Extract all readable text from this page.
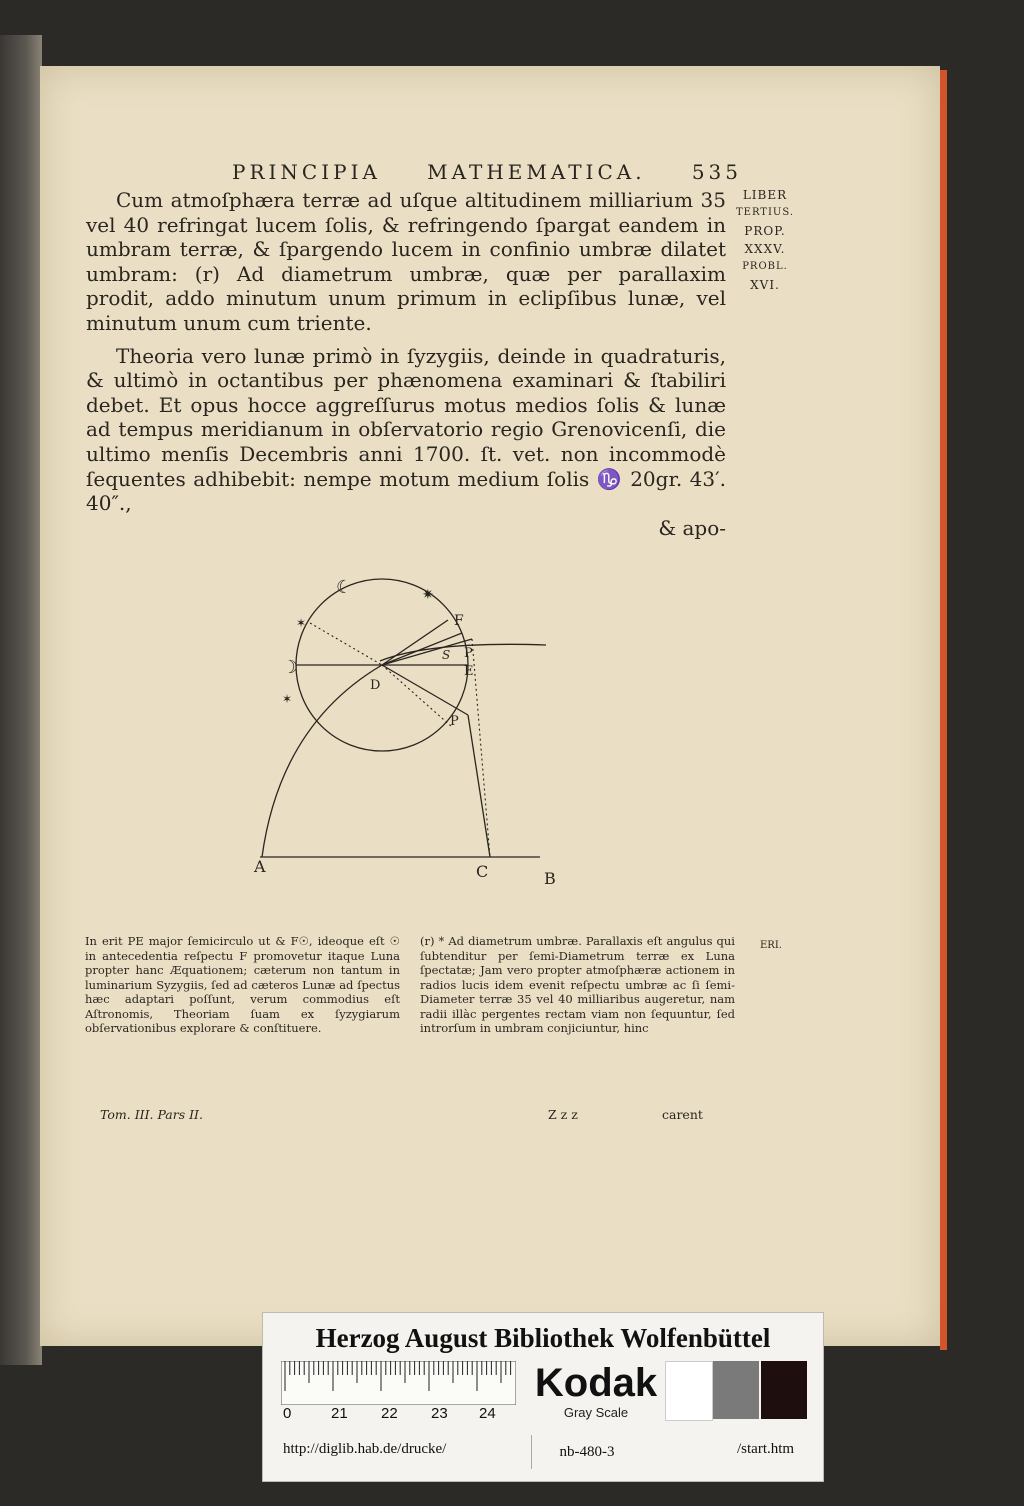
PRINCIPIA MATHEMATICA. 535
LIBER
TERTIUS.
PROP.
XXXV.
PROBL.
XVI.

Cum atmoſphæra terræ ad uſque altitudinem milliarium 35 vel 40 refringat lucem ſolis, & refringendo ſpargat eandem in umbram terræ, & ſpargendo lucem in confinio umbræ dilatet umbram: (r) Ad diametrum umbræ, quæ per parallaxim prodit, addo minutum unum primum in eclipſibus lunæ, vel minutum unum cum triente.

Theoria vero lunæ primò in ſyzygiis, deinde in quadraturis, & ultimò in octantibus per phænomena examinari & ſtabiliri debet. Et opus hocce aggreſſurus motus medios ſolis & lunæ ad tempus meridianum in obſervatorio regio Grenovicenſi, die ultimo menſis Decembris anni 1700. ſt. vet. non incommodè ſequentes adhibebit: nempe motum medium ſolis ♑ 20gr. 43′. 40″.,

& apo-

A
B
C
D
E
F
P
P
S
☽
☾
✶
✶
✷

In erit PE major ſemicirculo ut & F☉, ideoque eſt ☉ in antecedentia reſpectu F promovetur itaque Luna propter hanc Æquationem; cæterum non tantum in luminarium Syzygiis, ſed ad cæteros Lunæ ad ſpectus hæc adaptari poſſunt, verum commodius eſt Aſtronomis, Theoriam ſuam ex ſyzygiarum obſervationibus explorare & conſtituere.

(r) * Ad diametrum umbræ. Parallaxis eſt angulus qui ſubtenditur per ſemi-Diametrum terræ ex Luna ſpectatæ; Jam vero propter atmoſphæræ actionem in radios lucis idem evenit reſpectu umbræ ac ſi ſemi-Diameter terræ 35 vel 40 milliaribus augeretur, nam radii illàc pergentes rectam viam non ſequuntur, ſed introrſum in umbram conjiciuntur, hinc

Tom. III. Pars II.	Z z z	carent
ERI.
Herzog August Bibliothek Wolfenbüttel
0	21 22 23 24
Kodak
Gray Scale
http://diglib.hab.de/drucke/	nb-480-3	/start.htm
